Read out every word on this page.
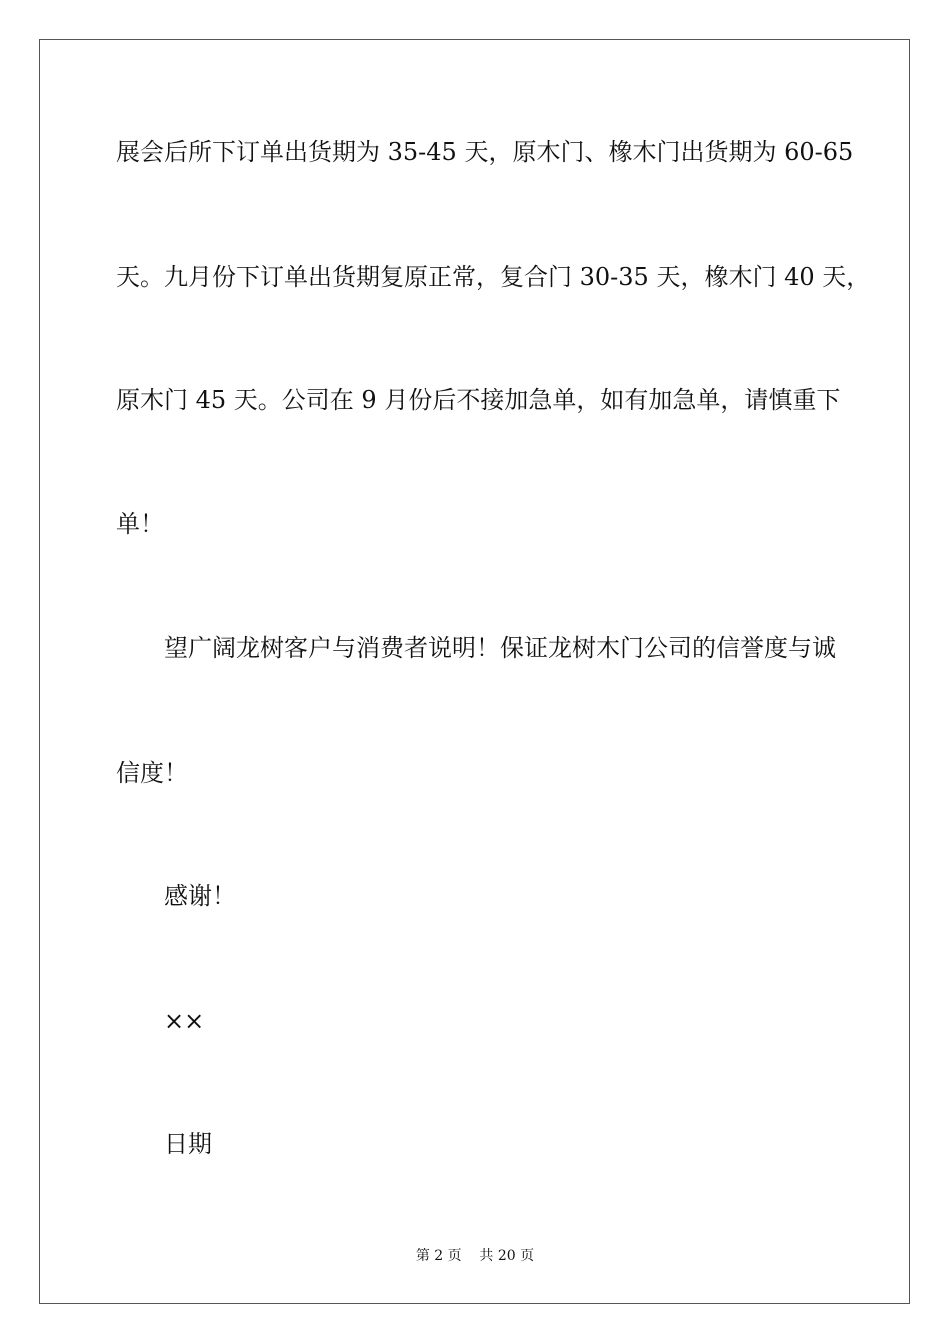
展会后所下订单出货期为 35-45 天，原木门、橡木门出货期为 60-65

天。九月份下订单出货期复原正常，复合门 30-35 天，橡木门 40 天，

原木门 45 天。公司在 9 月份后不接加急单，如有加急单，请慎重下

单！

望广阔龙树客户与消费者说明！保证龙树木门公司的信誉度与诚

信度！

感谢！

××

日期

第 2 页    共 20 页
